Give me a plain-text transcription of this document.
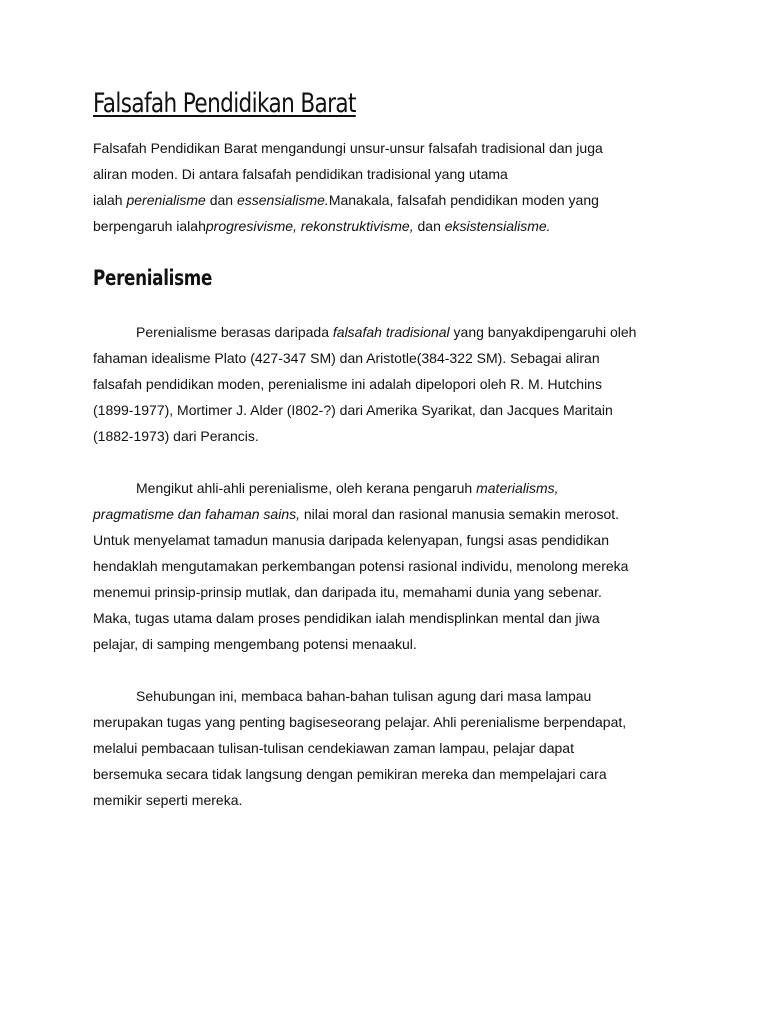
Falsafah Pendidikan Barat

Falsafah Pendidikan Barat mengandungi unsur-unsur falsafah tradisional dan juga
aliran moden. Di antara falsafah pendidikan tradisional yang utama
ialah perenialisme dan essensialisme.Manakala, falsafah pendidikan moden yang
berpengaruh ialahprogresivisme, rekonstruktivisme, dan eksistensialisme.

Perenialisme

Perenialisme berasas daripada falsafah tradisional yang banyakdipengaruhi oleh
fahaman idealisme Plato (427-347 SM) dan Aristotle(384-322 SM). Sebagai aliran
falsafah pendidikan moden, perenialisme ini adalah dipelopori oleh R. M. Hutchins
(1899-1977), Mortimer J. Alder (I802-?) dari Amerika Syarikat, dan Jacques Maritain
(1882-1973) dari Perancis.

Mengikut ahli-ahli perenialisme, oleh kerana pengaruh materialisms,
pragmatisme dan fahaman sains, nilai moral dan rasional manusia semakin merosot.
Untuk menyelamat tamadun manusia daripada kelenyapan, fungsi asas pendidikan
hendaklah mengutamakan perkembangan potensi rasional individu, menolong mereka
menemui prinsip-prinsip mutlak, dan daripada itu, memahami dunia yang sebenar.
Maka, tugas utama dalam proses pendidikan ialah mendisplinkan mental dan jiwa
pelajar, di samping mengembang potensi menaakul.

Sehubungan ini, membaca bahan-bahan tulisan agung dari masa lampau
merupakan tugas yang penting bagiseseorang pelajar. Ahli perenialisme berpendapat,
melalui pembacaan tulisan-tulisan cendekiawan zaman lampau, pelajar dapat
bersemuka secara tidak langsung dengan pemikiran mereka dan mempelajari cara
memikir seperti mereka.
